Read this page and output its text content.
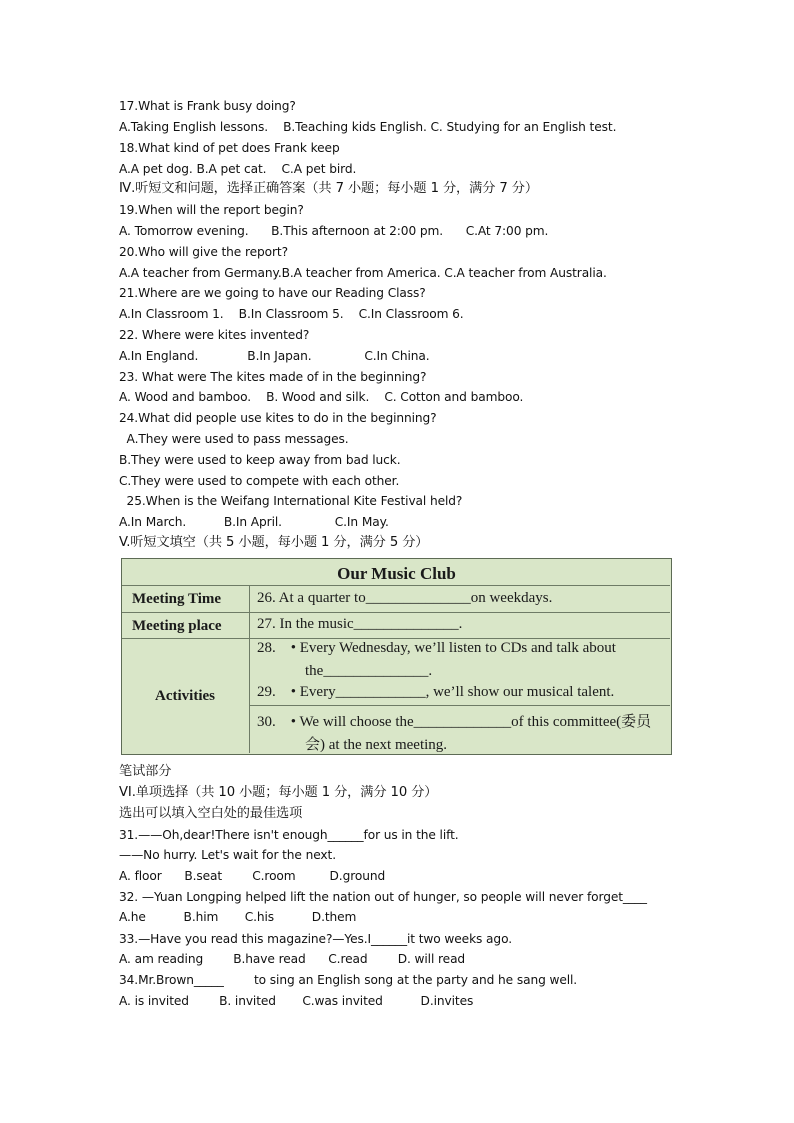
17.What is Frank busy doing?
A.Taking English lessons.    B.Teaching kids English. C. Studying for an English test.
18.What kind of pet does Frank keep
A.A pet dog. B.A pet cat.    C.A pet bird.
Ⅳ.听短文和问题，选择正确答案（共 7 小题；每小题 1 分，满分 7 分）
19.When will the report begin?
A. Tomorrow evening.      B.This afternoon at 2:00 pm.      C.At 7:00 pm.
20.Who will give the report?
A.A teacher from Germany.B.A teacher from America. C.A teacher from Australia.
21.Where are we going to have our Reading Class?
A.In Classroom 1.    B.In Classroom 5.    C.In Classroom 6.
22. Where were kites invented?
A.In England.             B.In Japan.              C.In China.
23. What were The kites made of in the beginning?
A. Wood and bamboo.    B. Wood and silk.    C. Cotton and bamboo.
24.What did people use kites to do in the beginning?
A.They were used to pass messages.
B.They were used to keep away from bad luck.
C.They were used to compete with each other.
25.When is the Weifang International Kite Festival held?
A.In March.          B.In April.              C.In May.
V.听短文填空（共 5 小题，每小题 1 分，满分 5 分）
Our Music Club
Meeting Time 26. At a quarter to______________on weekdays.
Meeting place 27. In the music______________.
Activities
28.    • Every Wednesday, we’ll listen to CDs and talk about
the______________.
29.    • Every____________, we’ll show our musical talent.
30.    • We will choose the_____________of this committee(委员
会) at the next meeting.
笔试部分
VI.单项选择（共 10 小题；每小题 1 分，满分 10 分）
选出可以填入空白处的最佳选项
31.——Oh,dear!There isn't enough______for us in the lift.
——No hurry. Let's wait for the next.
A. floor      B.seat        C.room         D.ground
32. —Yuan Longping helped lift the nation out of hunger, so people will never forget____
A.he          B.him       C.his          D.them
33.—Have you read this magazine?—Yes.I______it two weeks ago.
A. am reading        B.have read      C.read        D. will read
34.Mr.Brown_____        to sing an English song at the party and he sang well.
A. is invited        B. invited       C.was invited          D.invites
